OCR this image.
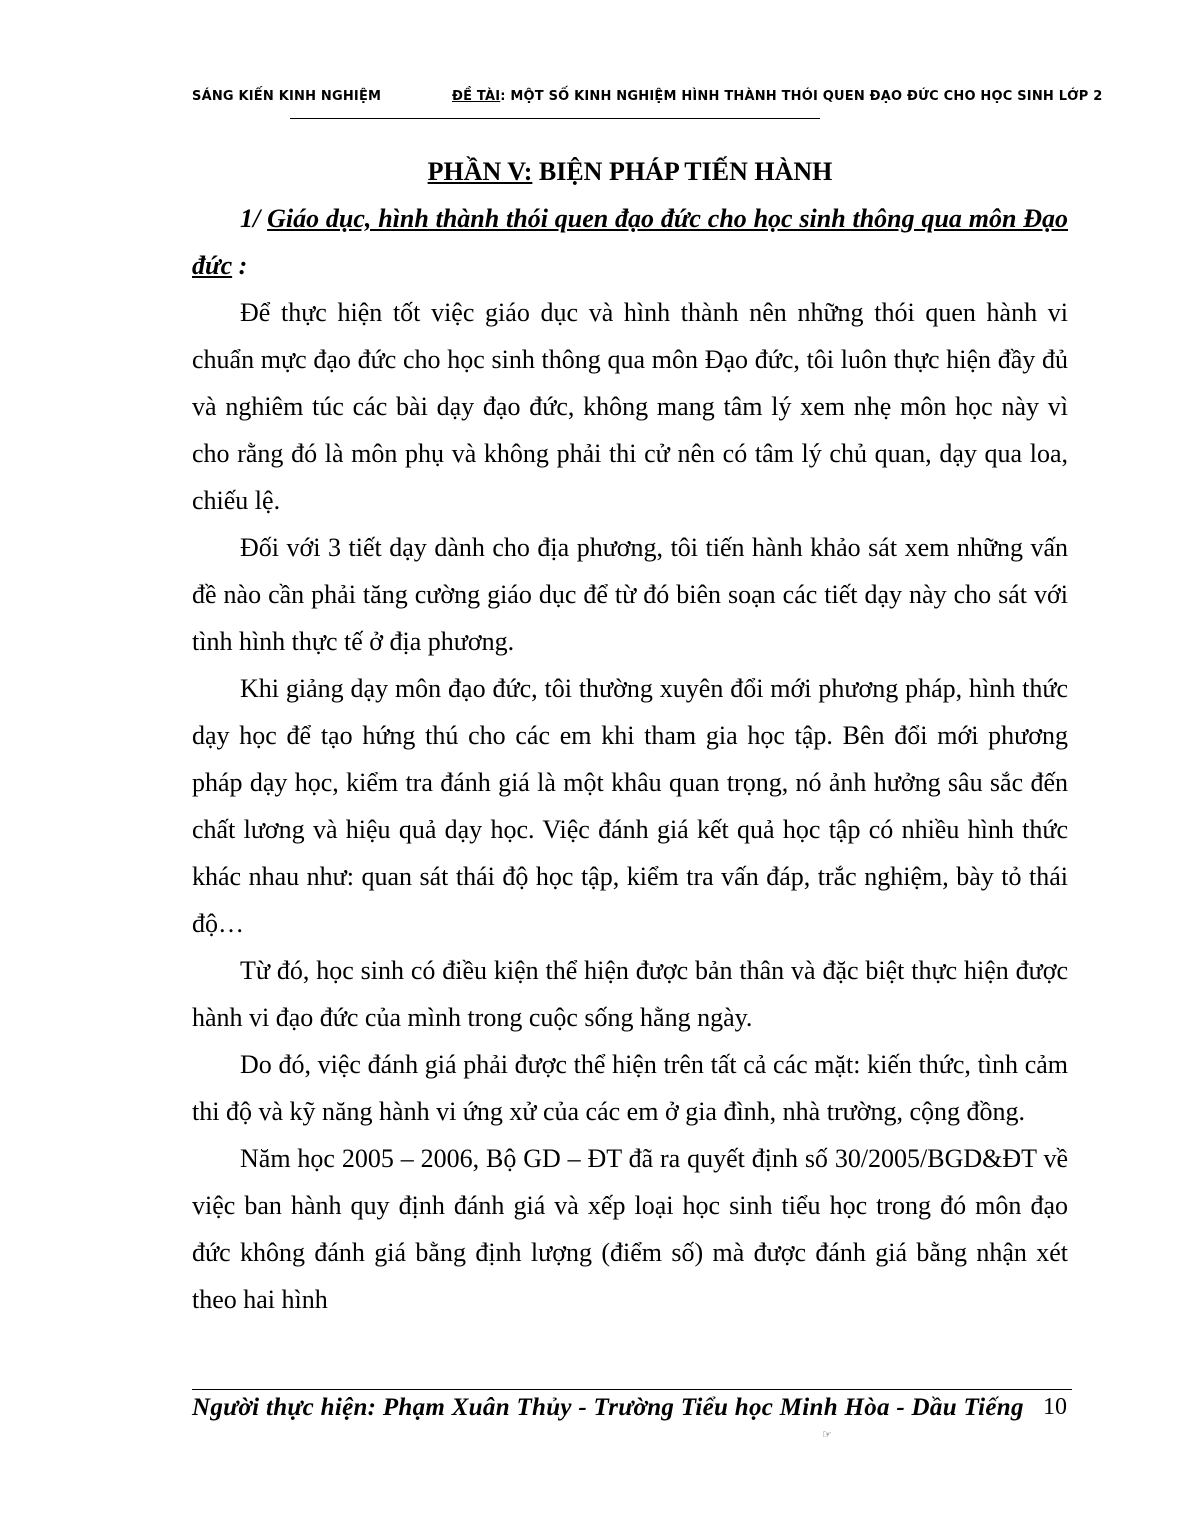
SÁNG KIẾN KINH NGHIỆM	ĐỀ TÀI: MỘT SỐ KINH NGHIỆM HÌNH THÀNH THÓI QUEN ĐẠO ĐỨC CHO HỌC SINH LỚP 2
PHẦN V: BIỆN PHÁP TIẾN HÀNH
1/ Giáo dục, hình thành thói quen đạo đức cho học sinh thông qua môn Đạo đức :

Để thực hiện tốt việc giáo dục và hình thành nên những thói quen hành vi chuẩn mực đạo đức cho học sinh thông qua môn Đạo đức, tôi luôn thực hiện đầy đủ và nghiêm túc các bài dạy đạo đức, không mang tâm lý xem nhẹ môn học này vì cho rằng đó là môn phụ và không phải thi cử nên có tâm lý chủ quan, dạy qua loa, chiếu lệ.

Đối với 3 tiết dạy dành cho địa phương, tôi tiến hành khảo sát xem những vấn đề nào cần phải tăng cường giáo dục để từ đó biên soạn các tiết dạy này cho sát với tình hình thực tế ở địa phương.

Khi giảng dạy môn đạo đức, tôi thường xuyên đổi mới phương pháp, hình thức dạy học để tạo hứng thú cho các em khi tham gia học tập. Bên đổi mới phương pháp dạy học, kiểm tra đánh giá là một khâu quan trọng, nó ảnh hưởng sâu sắc đến chất lương và hiệu quả dạy học. Việc đánh giá kết quả học tập có nhiều hình thức khác nhau như: quan sát thái độ học tập, kiểm tra vấn đáp, trắc nghiệm, bày tỏ thái độ…

Từ đó, học sinh có điều kiện thể hiện được bản thân và đặc biệt thực hiện được hành vi đạo đức của mình trong cuộc sống hằng ngày.

Do đó, việc đánh giá phải được thể hiện trên tất cả các mặt: kiến thức, tình cảm thi độ và kỹ năng hành vi ứng xử của các em ở gia đình, nhà trường, cộng đồng.

Năm học 2005 – 2006, Bộ GD – ĐT đã ra quyết định số 30/2005/BGD&ĐT về việc ban hành quy định đánh giá và xếp loại học sinh tiểu học trong đó môn đạo đức không đánh giá bằng định lượng (điểm số) mà được đánh giá bằng nhận xét theo hai hình

Người thực hiện: Phạm Xuân Thủy - Trường Tiểu học Minh Hòa - Dầu Tiếng 10
☞
